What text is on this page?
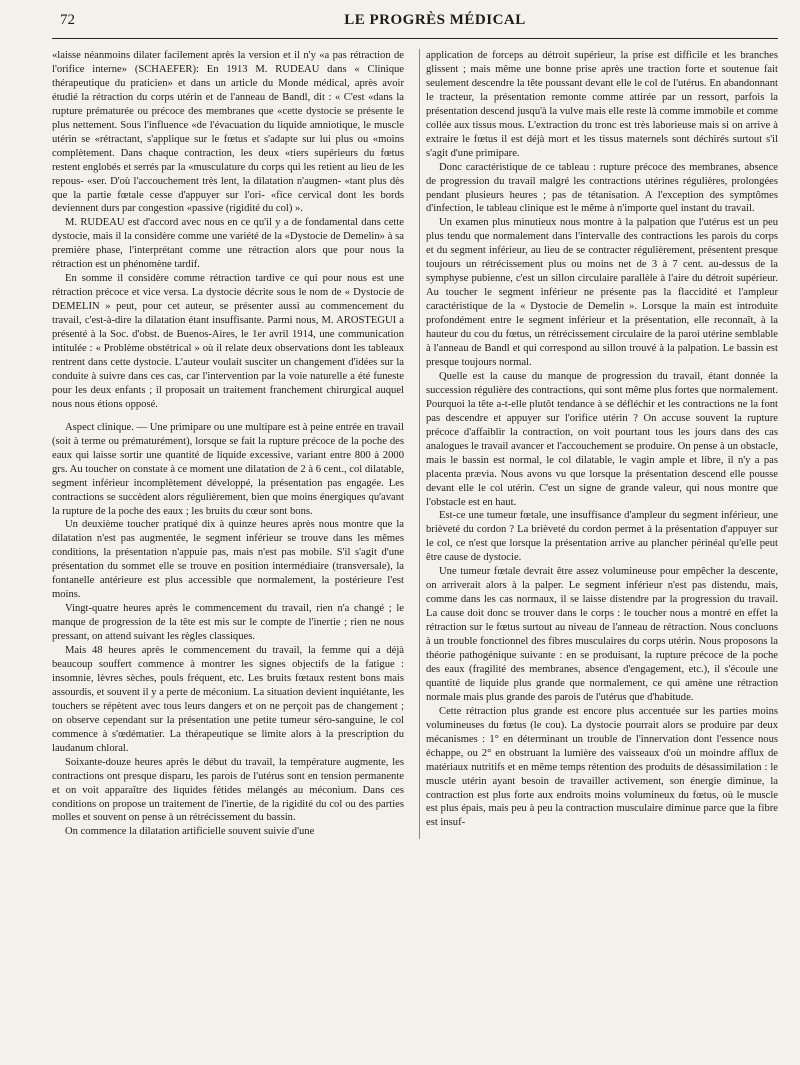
72	LE PROGRÈS MÉDICAL

«laisse néanmoins dilater facilement après la version et il n'y «a pas rétraction de l'orifice interne» (SCHAEFER): En 1913 M. RUDEAU dans « Clinique thérapeutique du praticien» et dans un article du Monde médical, après avoir étudié la rétraction du corps utérin et de l'anneau de Bandl, dit : « C'est «dans la rupture prématurée ou précoce des membranes que «cette dystocie se présente le plus nettement. Sous l'influence «de l'évacuation du liquide amniotique, le muscle utérin se «rétractant, s'applique sur le fœtus et s'adapte sur lui plus ou «moins complètement. Dans chaque contraction, les deux «tiers supérieurs du fœtus restent englobés et serrés par la «musculature du corps qui les retient au lieu de les repous- «ser. D'où l'accouchement très lent, la dilatation n'augmen- «tant plus dès que la partie fœtale cesse d'appuyer sur l'ori- «fice cervical dont les bords deviennent durs par congestion «passive (rigidité du col) ».

M. RUDEAU est d'accord avec nous en ce qu'il y a de fondamental dans cette dystocie, mais il la considère comme une variété de la «Dystocie de Demelin» à sa première phase, l'interprétant comme une rétraction alors que pour nous la rétraction est un phénomène tardif.

En somme il considère comme rétraction tardive ce qui pour nous est une rétraction précoce et vice versa. La dystocie décrite sous le nom de « Dystocie de DEMELIN » peut, pour cet auteur, se présenter aussi au commencement du travail, c'est-à-dire la dilatation étant insuffisante. Parmi nous, M. AROSTEGUI a présenté à la Soc. d'obst. de Buenos-Aires, le 1er avril 1914, une communication intitulée : « Problème obstétrical » où il relate deux observations dont les tableaux rentrent dans cette dystocie. L'auteur voulait susciter un changement d'idées sur la conduite à suivre dans ces cas, car l'intervention par la voie naturelle a été funeste pour les deux enfants ; il proposait un traitement franchement chirurgical auquel nous nous étions opposé.

Aspect clinique. — Une primipare ou une multipare est à peine entrée en travail (soit à terme ou prématurément), lorsque se fait la rupture précoce de la poche des eaux qui laisse sortir une quantité de liquide excessive, variant entre 800 à 2000 grs. Au toucher on constate à ce moment une dilatation de 2 à 6 cent., col dilatable, segment inférieur incomplètement développé, la présentation pas engagée. Les contractions se succèdent alors régulièrement, bien que moins énergiques qu'avant la rupture de la poche des eaux ; les bruits du cœur sont bons.

Un deuxième toucher pratiqué dix à quinze heures après nous montre que la dilatation n'est pas augmentée, le segment inférieur se trouve dans les mêmes conditions, la présentation n'appuie pas, mais n'est pas mobile. S'il s'agit d'une présentation du sommet elle se trouve en position intermédiaire (transversale), la fontanelle antérieure est plus accessible que normalement, la postérieure l'est moins.

Vingt-quatre heures après le commencement du travail, rien n'a changé ; le manque de progression de la tête est mis sur le compte de l'inertie ; rien ne nous pressant, on attend suivant les règles classiques.

Mais 48 heures après le commencement du travail, la femme qui a déjà beaucoup souffert commence à montrer les signes objectifs de la fatigue : insomnie, lèvres sèches, pouls fréquent, etc. Les bruits fœtaux restent bons mais assourdis, et souvent il y a perte de méconium. La situation devient inquiétante, les touchers se répètent avec tous leurs dangers et on ne perçoit pas de changement ; on observe cependant sur la présentation une petite tumeur séro-sanguine, le col commence à s'œdématier. La thérapeutique se limite alors à la prescription du laudanum chloral.

Soixante-douze heures après le début du travail, la température augmente, les contractions ont presque disparu, les parois de l'utérus sont en tension permanente et on voit apparaître des liquides fétides mélangés au méconium. Dans ces conditions on propose un traitement de l'inertie, de la rigidité du col ou des parties molles et souvent on pense à un rétrécissement du bassin.

On commence la dilatation artificielle souvent suivie d'une

application de forceps au détroit supérieur, la prise est difficile et les branches glissent ; mais même une bonne prise après une traction forte et soutenue fait seulement descendre la tête poussant devant elle le col de l'utérus. En abandonnant le tracteur, la présentation remonte comme attirée par un ressort, parfois la présentation descend jusqu'à la vulve mais elle reste là comme immobile et comme collée aux tissus mous. L'extraction du tronc est très laborieuse mais si on arrive à extraire le fœtus il est déjà mort et les tissus maternels sont déchirés surtout s'il s'agit d'une primipare.

Donc caractéristique de ce tableau : rupture précoce des membranes, absence de progression du travail malgré les contractions utérines régulières, prolongées pendant plusieurs heures ; pas de tétanisation. A l'exception des symptômes d'infection, le tableau clinique est le même à n'importe quel instant du travail.

Un examen plus minutieux nous montre à la palpation que l'utérus est un peu plus tendu que normalement dans l'intervalle des contractions les parois du corps et du segment inférieur, au lieu de se contracter régulièrement, présentent presque toujours un rétrécissement plus ou moins net de 3 à 7 cent. au-dessus de la symphyse pubienne, c'est un sillon circulaire parallèle à l'aire du détroit supérieur. Au toucher le segment inférieur ne présente pas la flaccidité et l'ampleur caractéristique de la « Dystocie de Demelin ». Lorsque la main est introduite profondément entre le segment inférieur et la présentation, elle reconnaît, à la hauteur du cou du fœtus, un rétrécissement circulaire de la paroi utérine semblable à l'anneau de Bandl et qui correspond au sillon trouvé à la palpation. Le bassin est presque toujours normal.

Quelle est la cause du manque de progression du travail, étant donnée la succession régulière des contractions, qui sont même plus fortes que normalement. Pourquoi la tête a-t-elle plutôt tendance à se défléchir et les contractions ne la font pas descendre et appuyer sur l'orifice utérin ? On accuse souvent la rupture précoce d'affaiblir la contraction, on voit pourtant tous les jours dans des cas analogues le travail avancer et l'accouchement se produire. On pense à un obstacle, mais le bassin est normal, le col dilatable, le vagin ample et libre, il n'y a pas placenta prævia. Nous avons vu que lorsque la présentation descend elle pousse devant elle le col utérin. C'est un signe de grande valeur, qui nous montre que l'obstacle est en haut.

Est-ce une tumeur fœtale, une insuffisance d'ampleur du segment inférieur, une brièveté du cordon ? La brièveté du cordon permet à la présentation d'appuyer sur le col, ce n'est que lorsque la présentation arrive au plancher périnéal qu'elle peut être cause de dystocie.

Une tumeur fœtale devrait être assez volumineuse pour empêcher la descente, on arriverait alors à la palper. Le segment inférieur n'est pas distendu, mais, comme dans les cas normaux, il se laisse distendre par la progression du travail. La cause doit donc se trouver dans le corps : le toucher nous a montré en effet la rétraction sur le fœtus surtout au niveau de l'anneau de rétraction. Nous concluons à un trouble fonctionnel des fibres musculaires du corps utérin. Nous proposons la théorie pathogénique suivante : en se produisant, la rupture précoce de la poche des eaux (fragilité des membranes, absence d'engagement, etc.), il s'écoule une quantité de liquide plus grande que normalement, ce qui amène une rétraction normale mais plus grande des parois de l'utérus que d'habitude.

Cette rétraction plus grande est encore plus accentuée sur les parties moins volumineuses du fœtus (le cou). La dystocie pourrait alors se produire par deux mécanismes : 1° en déterminant un trouble de l'innervation dont l'essence nous échappe, ou 2° en obstruant la lumière des vaisseaux d'où un moindre afflux de matériaux nutritifs et en même temps rétention des produits de désassimilation : le muscle utérin ayant besoin de travailler activement, son énergie diminue, la contraction est plus forte aux endroits moins volumineux du fœtus, où le muscle est plus épais, mais peu à peu la contraction musculaire diminue parce que la fibre est insuf-
